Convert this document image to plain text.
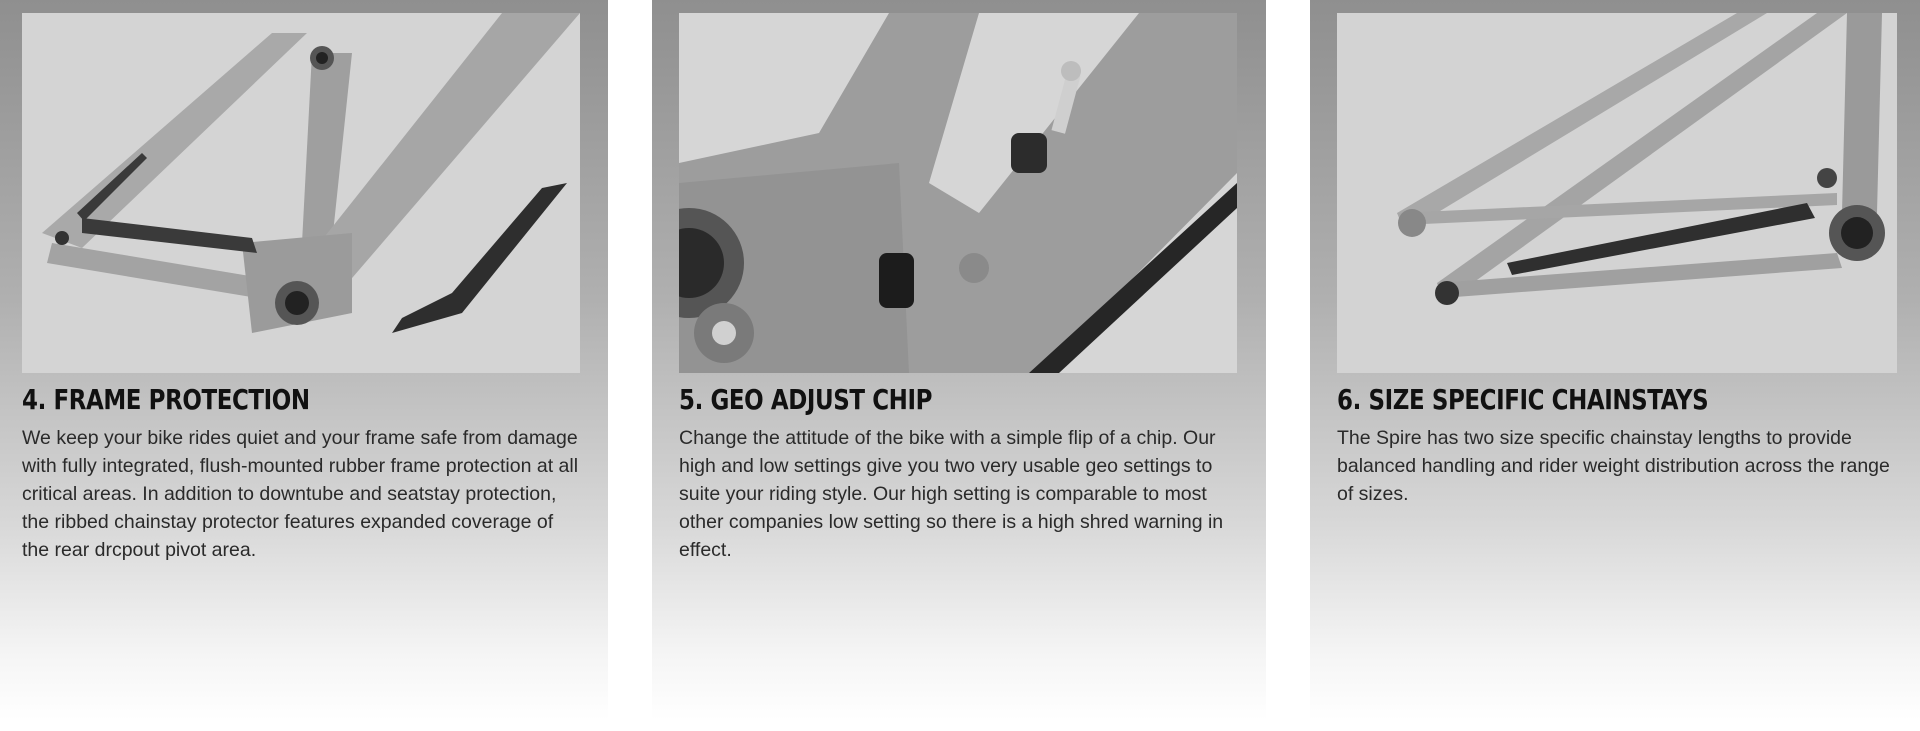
4. FRAME PROTECTION

We keep your bike rides quiet and your frame safe from damage with fully integrated, flush-mounted rubber frame protection at all critical areas. In addition to downtube and seatstay protection, the ribbed chainstay protector features expanded coverage of the rear drcpout pivot area.

5. GEO ADJUST CHIP

Change the attitude of the bike with a simple flip of a chip. Our high and low settings give you two very usable geo settings to suite your riding style. Our high setting is comparable to most other companies low setting so there is a high shred warning in effect.

6. SIZE SPECIFIC CHAINSTAYS

The Spire has two size specific chainstay lengths to provide balanced handling and rider weight distribution across the range of sizes.
